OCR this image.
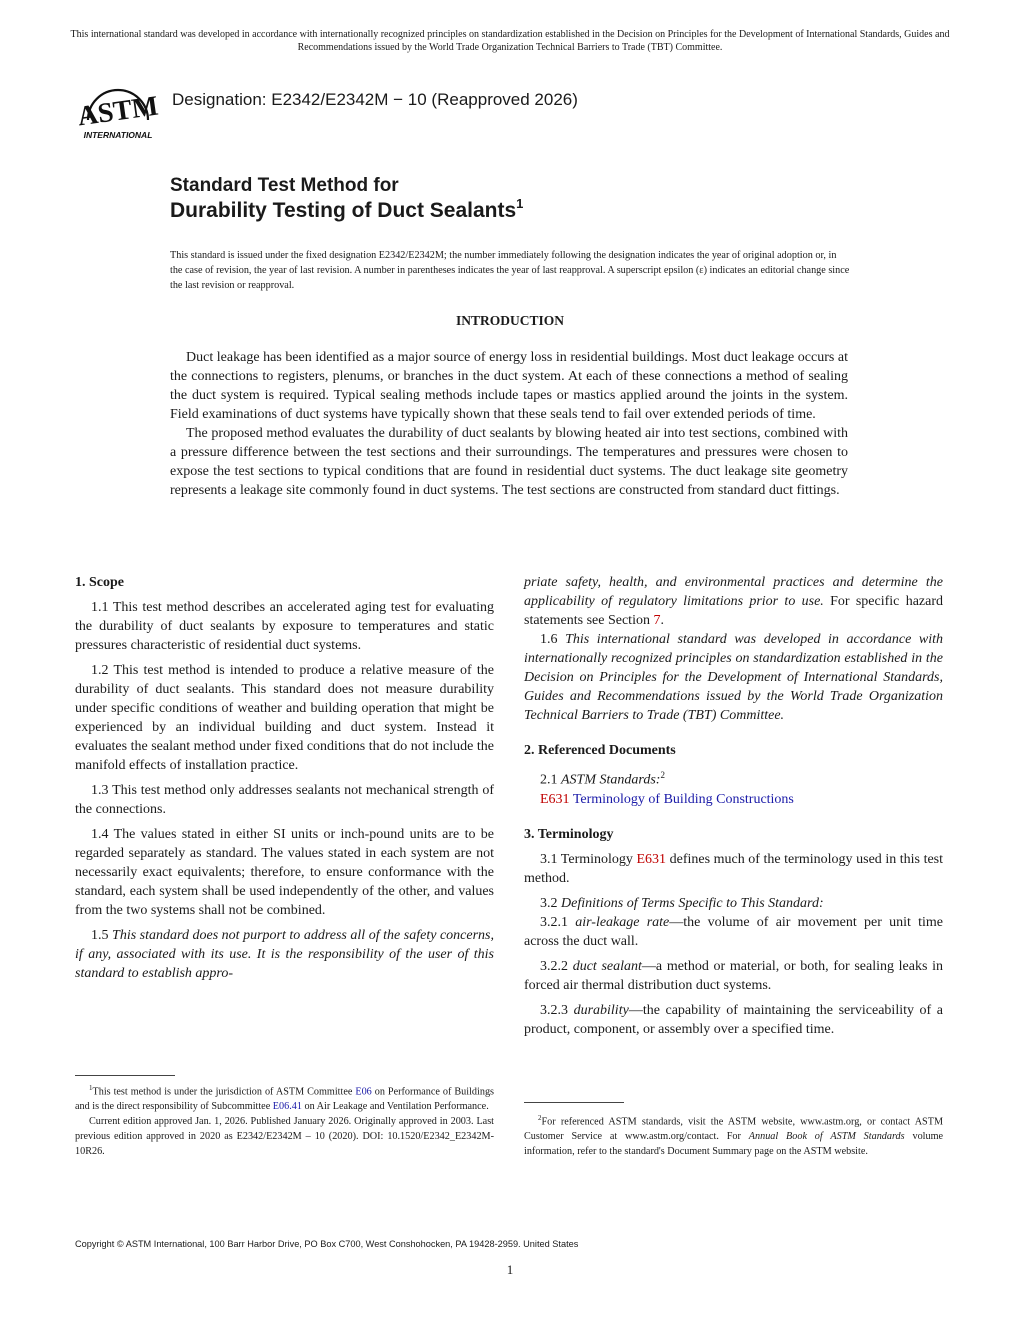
This international standard was developed in accordance with internationally recognized principles on standardization established in the Decision on Principles for the Development of International Standards, Guides and Recommendations issued by the World Trade Organization Technical Barriers to Trade (TBT) Committee.
ASTM
INTERNATIONAL
Designation: E2342/E2342M − 10 (Reapproved 2026)
Standard Test Method for
Durability Testing of Duct Sealants$^1$
This standard is issued under the fixed designation E2342/E2342M; the number immediately following the designation indicates the year of original adoption or, in the case of revision, the year of last revision. A number in parentheses indicates the year of last reapproval. A superscript epsilon (ε) indicates an editorial change since the last revision or reapproval.
INTRODUCTION

Duct leakage has been identified as a major source of energy loss in residential buildings. Most duct leakage occurs at the connections to registers, plenums, or branches in the duct system. At each of these connections a method of sealing the duct system is required. Typical sealing methods include tapes or mastics applied around the joints in the system. Field examinations of duct systems have typically shown that these seals tend to fail over extended periods of time.

The proposed method evaluates the durability of duct sealants by blowing heated air into test sections, combined with a pressure difference between the test sections and their surroundings. The temperatures and pressures were chosen to expose the test sections to typical conditions that are found in residential duct systems. The duct leakage site geometry represents a leakage site commonly found in duct systems. The test sections are constructed from standard duct fittings.

1. Scope

1.1 This test method describes an accelerated aging test for evaluating the durability of duct sealants by exposure to temperatures and static pressures characteristic of residential duct systems.

1.2 This test method is intended to produce a relative measure of the durability of duct sealants. This standard does not measure durability under specific conditions of weather and building operation that might be experienced by an individual building and duct system. Instead it evaluates the sealant method under fixed conditions that do not include the manifold effects of installation practice.

1.3 This test method only addresses sealants not mechanical strength of the connections.

1.4 The values stated in either SI units or inch-pound units are to be regarded separately as standard. The values stated in each system are not necessarily exact equivalents; therefore, to ensure conformance with the standard, each system shall be used independently of the other, and values from the two systems shall not be combined.

1.5 This standard does not purport to address all of the safety concerns, if any, associated with its use. It is the responsibility of the user of this standard to establish appro-

priate safety, health, and environmental practices and determine the applicability of regulatory limitations prior to use. For specific hazard statements see Section 7.

1.6 This international standard was developed in accordance with internationally recognized principles on standardization established in the Decision on Principles for the Development of International Standards, Guides and Recommendations issued by the World Trade Organization Technical Barriers to Trade (TBT) Committee.

2. Referenced Documents

2.1 ASTM Standards:$^2$

E631 Terminology of Building Constructions

3. Terminology

3.1 Terminology E631 defines much of the terminology used in this test method.

3.2 Definitions of Terms Specific to This Standard:

3.2.1 air-leakage rate—the volume of air movement per unit time across the duct wall.

3.2.2 duct sealant—a method or material, or both, for sealing leaks in forced air thermal distribution duct systems.

3.2.3 durability—the capability of maintaining the serviceability of a product, component, or assembly over a specified time.

$^1$This test method is under the jurisdiction of ASTM Committee E06 on Performance of Buildings and is the direct responsibility of Subcommittee E06.41 on Air Leakage and Ventilation Performance.

Current edition approved Jan. 1, 2026. Published January 2026. Originally approved in 2003. Last previous edition approved in 2020 as E2342/E2342M – 10 (2020). DOI: 10.1520/E2342_E2342M-10R26.

$^2$For referenced ASTM standards, visit the ASTM website, www.astm.org, or contact ASTM Customer Service at www.astm.org/contact. For Annual Book of ASTM Standards volume information, refer to the standard's Document Summary page on the ASTM website.

Copyright © ASTM International, 100 Barr Harbor Drive, PO Box C700, West Conshohocken, PA 19428-2959. United States
1
